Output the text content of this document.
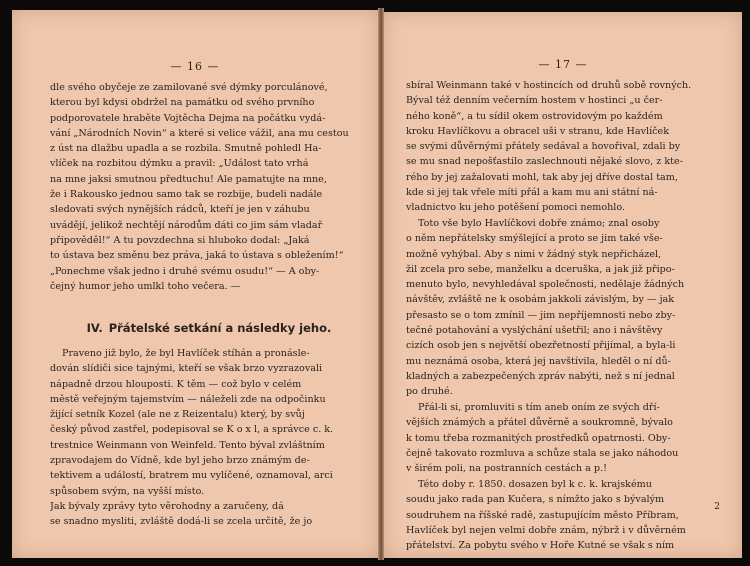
— 16 —
dle svého obyčeje ze zamilované své dýmky porculánové,
kterou byl kdysi obdržel na památku od svého prvního
podporovatele hraběte Vojtěcha Dejma na počátku vydá-
vání „Národních Novin“ a které si velice vážil, ana mu cestou
z úst na dlažbu upadla a se rozbila. Smutně pohledl Ha-
vlíček na rozbitou dýmku a pravil: „Událost tato vrhá
na mne jaksi smutnou předtuchu! Ale pamatujte na mne,
že i Rakousko jednou samo tak se rozbije, budeli nadále
sledovati svých nynějších rádců, kteří je jen v záhubu
uvádějí, jelikož nechtějí národům dáti co jim sám vladař
připověděl!“ A tu povzdechna si hluboko dodal: „Jaká
to ústava bez směnu bez práva, jaká to ústava s obležením!“
„Ponechme však jedno i druhé svému osudu!“ — A oby-
čejný humor jeho umlkl toho večera. —
IV. Přátelské setkání a následky jeho.
Praveno již bylo, že byl Havlíček stíhán a pronásle-
dován slídiči sice tajnými, kteří se však brzo vyzrazovali
nápadně drzou hlouposti. K těm — což bylo v celém
městě veřejným tajemstvím — náleželi zde na odpočinku
žijící setník Kozel (ale ne z Reizentalu) který, by svůj
český původ zastřel, podepisoval se K o x l, a správce c. k.
trestnice Weinmann von Weinfeld. Tento býval zvláštním
zpravodajem do Vídně, kde byl jeho brzo známým de-
tektivem a událostí, bratrem mu vylíčené, oznamoval, arci
spůsobem svým, na vyšší místo.
Jak bývaly zprávy tyto věrohodny a zaručeny, dá
se snadno mysliti, zvláště dodá-li se zcela určitě, že jo
— 17 —
sbíral Weinmann také v hostincích od druhů sobě rovných.
Býval též denním večerním hostem v hostinci „u čer-
ného koně“, a tu sídil okem ostrovidovým po každém
kroku Havlíčkovu a obracel uši v stranu, kde Havlíček
se svými důvěrnými přátely sedával a hovořival, zdali by
se mu snad nepošťastilo zaslechnouti nějaké slovo, z kte-
rého by jej zažalovati mohl, tak aby jej dříve dostal tam,
kde si jej tak vřele míti přál a kam mu ani státní ná-
vladnictvo ku jeho potěšení pomoci nemohlo.
Toto vše bylo Havlíčkovi dobře známo; znal osoby
o něm nepřátelsky smýšlející a proto se jim také vše-
možně vyhýbal. Aby s nimi v žádný styk nepřicházel,
žil zcela pro sebe, manželku a dceruška, a jak již připo-
menuto bylo, nevyhledával společnosti, nedělaje žádných
návštěv, zvláště ne k osobám jakkoli závislým, by — jak
přesasto se o tom zmínil — jim nepříjemnosti nebo zby-
tečné potahování a vyslýchání ušetřil; ano i návštěvy
cizích osob jen s největší obezřetností přijímal, a byla-li
mu neznámá osoba, která jej navštívila, hleděl o ní dů-
kladných a zabezpečených zpráv nabýti, než s ní jednal
po druhé.
Přál-li si, promluviti s tím aneb oním ze svých dří-
vějších známých a přátel důvěrně a soukromně, bývalo
k tomu třeba rozmanitých prostředků opatrnosti. Oby-
čejně takovato rozmluva a schůze stala se jako náhodou
v širém poli, na postranních cestách a p.!
Této doby r. 1850. dosazen byl k c. k. krajskému
soudu jako rada pan Kučera, s nímžto jako s bývalým
soudruhem na říšské radě, zastupujícím město Příbram,
Havlíček byl nejen velmi dobře znám, nýbrž i v důvěrném
přátelství. Za pobytu svého v Hoře Kutné se však s ním
2
